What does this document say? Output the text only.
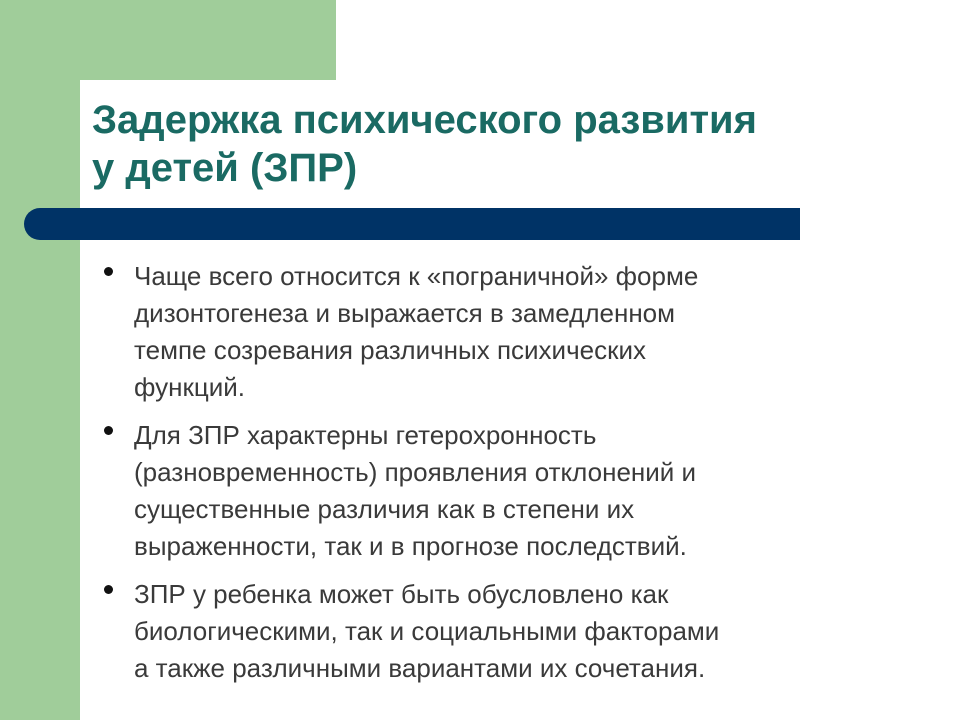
Задержка психического развития
у детей (ЗПР)
Чаще всего относится к «пограничной» форме
дизонтогенеза и выражается в замедленном
темпе созревания различных психических
функций.
Для ЗПР характерны гетерохронность
(разновременность) проявления отклонений и
существенные различия как в степени их
выраженности, так и в прогнозе последствий.
ЗПР у ребенка может быть обусловлено как
биологическими, так и социальными факторами
а также различными вариантами их сочетания.
